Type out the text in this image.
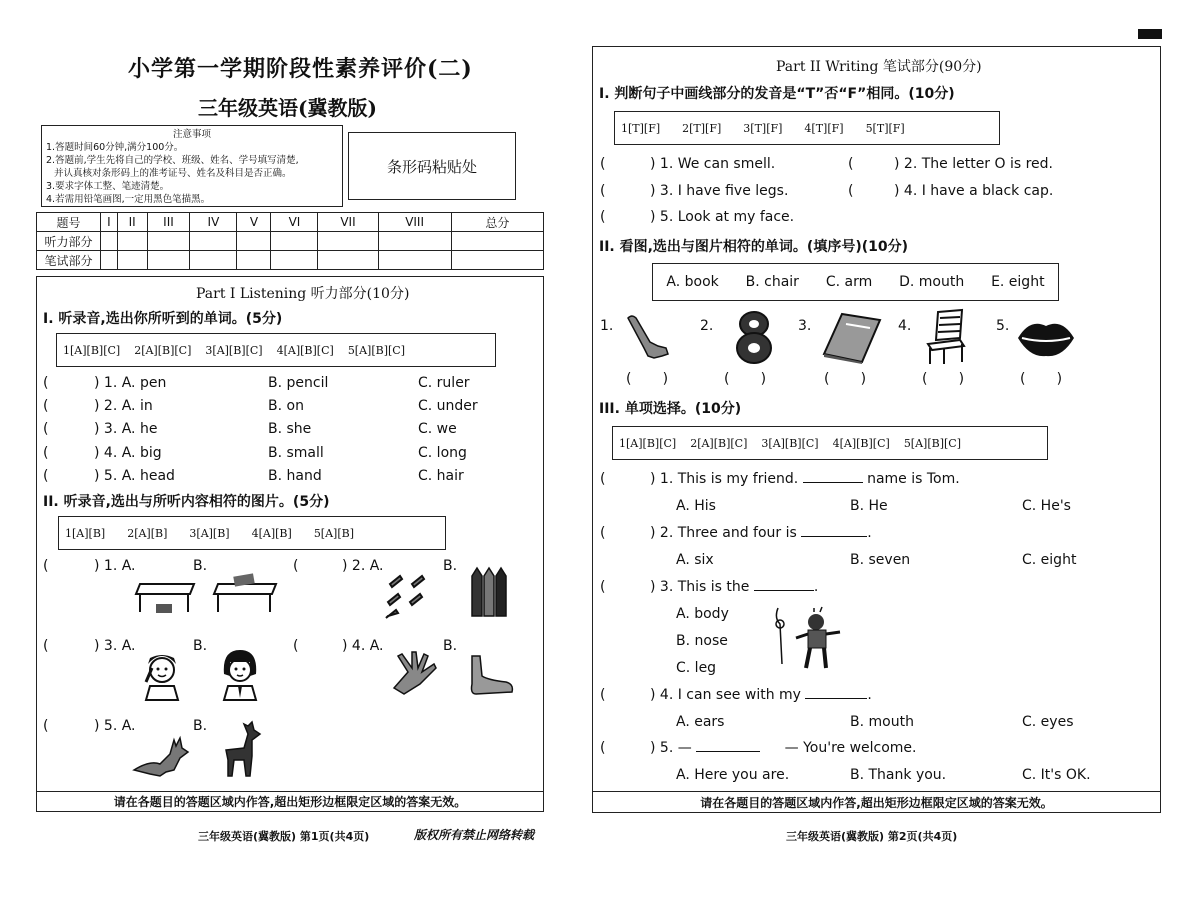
小学第一学期阶段性素养评价(二)
三年级英语(冀教版)
注意事项
1.答题时间60分钟,满分100分。
2.答题前,学生先将自己的学校、班级、姓名、学号填写清楚,
并认真核对条形码上的准考证号、姓名及科目是否正确。
3.要求字体工整、笔迹清楚。
4.若需用铅笔画图,一定用黑色笔描黑。
条形码粘贴处
题号	I	II	III	IV	V	VI	VII	VIII	总分
听力部分									
笔试部分									
Part I Listening 听力部分(10分)
I. 听录音,选出你所听到的单词。(5分)
1[A][B][C] 2[A][B][C] 3[A][B][C] 4[A][B][C] 5[A][B][C]
(	) 1. A. pen	B. pencil	C. ruler
(	) 2. A. in	B. on	C. under
(	) 3. A. he	B. she	C. we
(	) 4. A. big	B. small	C. long
(	) 5. A. head	B. hand	C. hair
II. 听录音,选出与所听内容相符的图片。(5分)
1[A][B] 2[A][B] 3[A][B] 4[A][B] 5[A][B]
(	) 1. A.	B.	(	) 2. A.	B.
(	) 3. A.	B.	(	) 4. A.	B.
(	) 5. A.	B.
请在各题目的答题区域内作答,超出矩形边框限定区域的答案无效。
三年级英语(冀教版) 第1页(共4页)	版权所有禁止网络转载
Part II Writing 笔试部分(90分)
I. 判断句子中画线部分的发音是“T”否“F”相同。(10分)
1[T][F] 2[T][F] 3[T][F] 4[T][F] 5[T][F]
(	) 1. We can smell.	(	) 2. The letter O is red.
(	) 3. I have five legs.	(	) 4. I have a black cap.
(	) 5. Look at my face.
II. 看图,选出与图片相符的单词。(填序号)(10分)
A. book B. chair C. arm D. mouth E. eight
1.	2.	3.	4.	5.
(       )	(       )	(       )	(       )	(       )
III. 单项选择。(10分)
1[A][B][C] 2[A][B][C] 3[A][B][C] 4[A][B][C] 5[A][B][C]
(	) 1. This is my friend.	name is Tom.
A. His	B. He	C. He's
(	) 2. Three and four is	.
A. six	B. seven	C. eight
(	) 3. This is the	.
A. body
B. nose
C. leg
(	) 4. I can see with my	.
A. ears	B. mouth	C. eyes
(	) 5. —	— You're welcome.
A. Here you are.	B. Thank you.	C. It's OK.
请在各题目的答题区域内作答,超出矩形边框限定区域的答案无效。
三年级英语(冀教版) 第2页(共4页)
